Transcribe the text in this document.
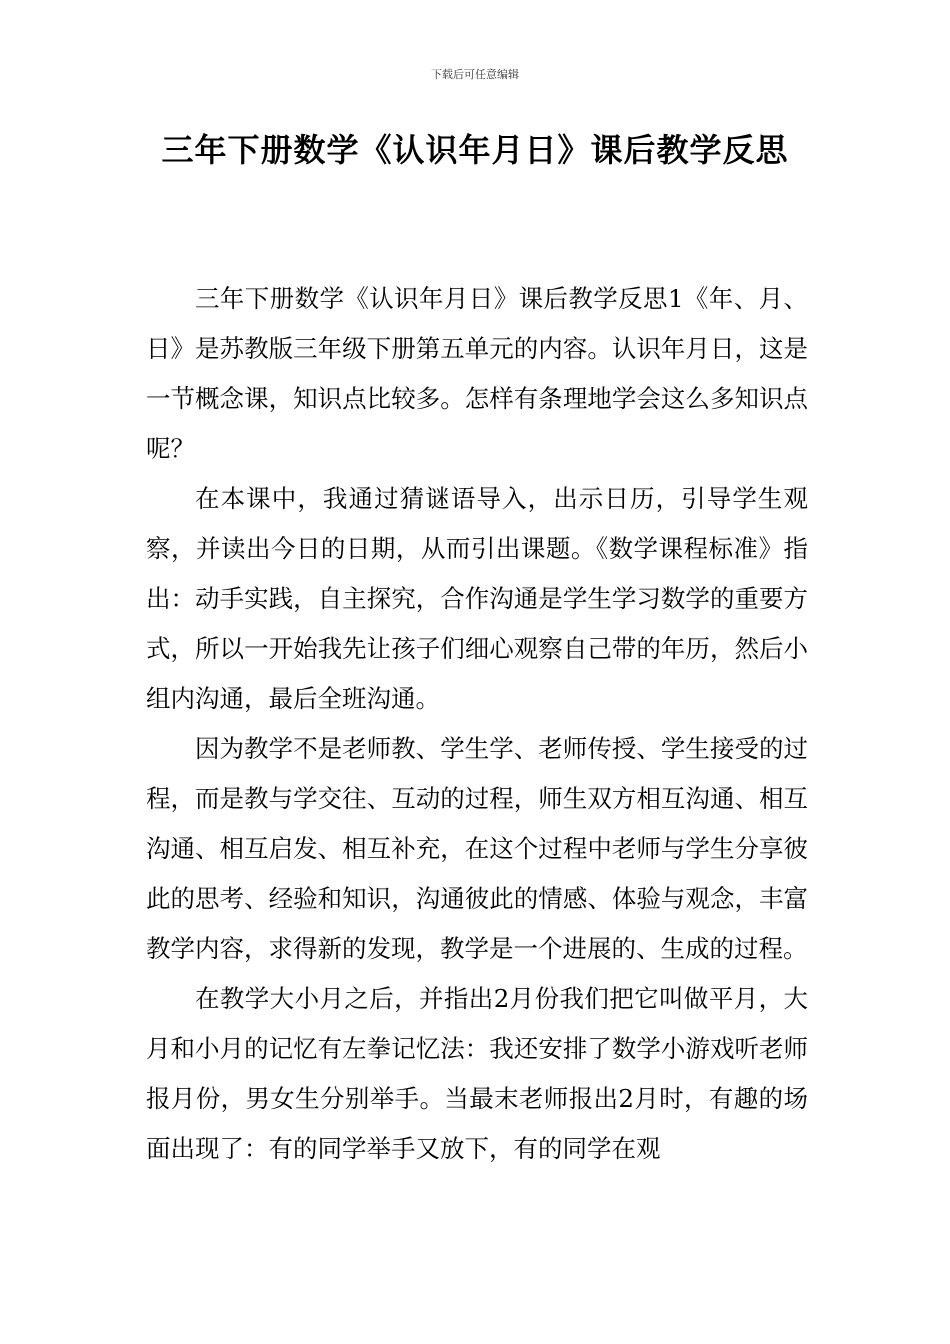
下载后可任意编辑
三年下册数学《认识年月日》课后教学反思

三年下册数学《认识年月日》课后教学反思1《年、月、日》是苏教版三年级下册第五单元的内容。认识年月日，这是一节概念课，知识点比较多。怎样有条理地学会这么多知识点呢？

在本课中，我通过猜谜语导入，出示日历，引导学生观察，并读出今日的日期，从而引出课题。《数学课程标准》指出：动手实践，自主探究，合作沟通是学生学习数学的重要方式，所以一开始我先让孩子们细心观察自己带的年历，然后小组内沟通，最后全班沟通。

因为教学不是老师教、学生学、老师传授、学生接受的过程，而是教与学交往、互动的过程，师生双方相互沟通、相互沟通、相互启发、相互补充，在这个过程中老师与学生分享彼此的思考、经验和知识，沟通彼此的情感、体验与观念，丰富教学内容，求得新的发现，教学是一个进展的、生成的过程。

在教学大小月之后，并指出2月份我们把它叫做平月，大月和小月的记忆有左拳记忆法：我还安排了数学小游戏听老师报月份，男女生分别举手。当最末老师报出2月时，有趣的场面出现了：有的同学举手又放下，有的同学在观
